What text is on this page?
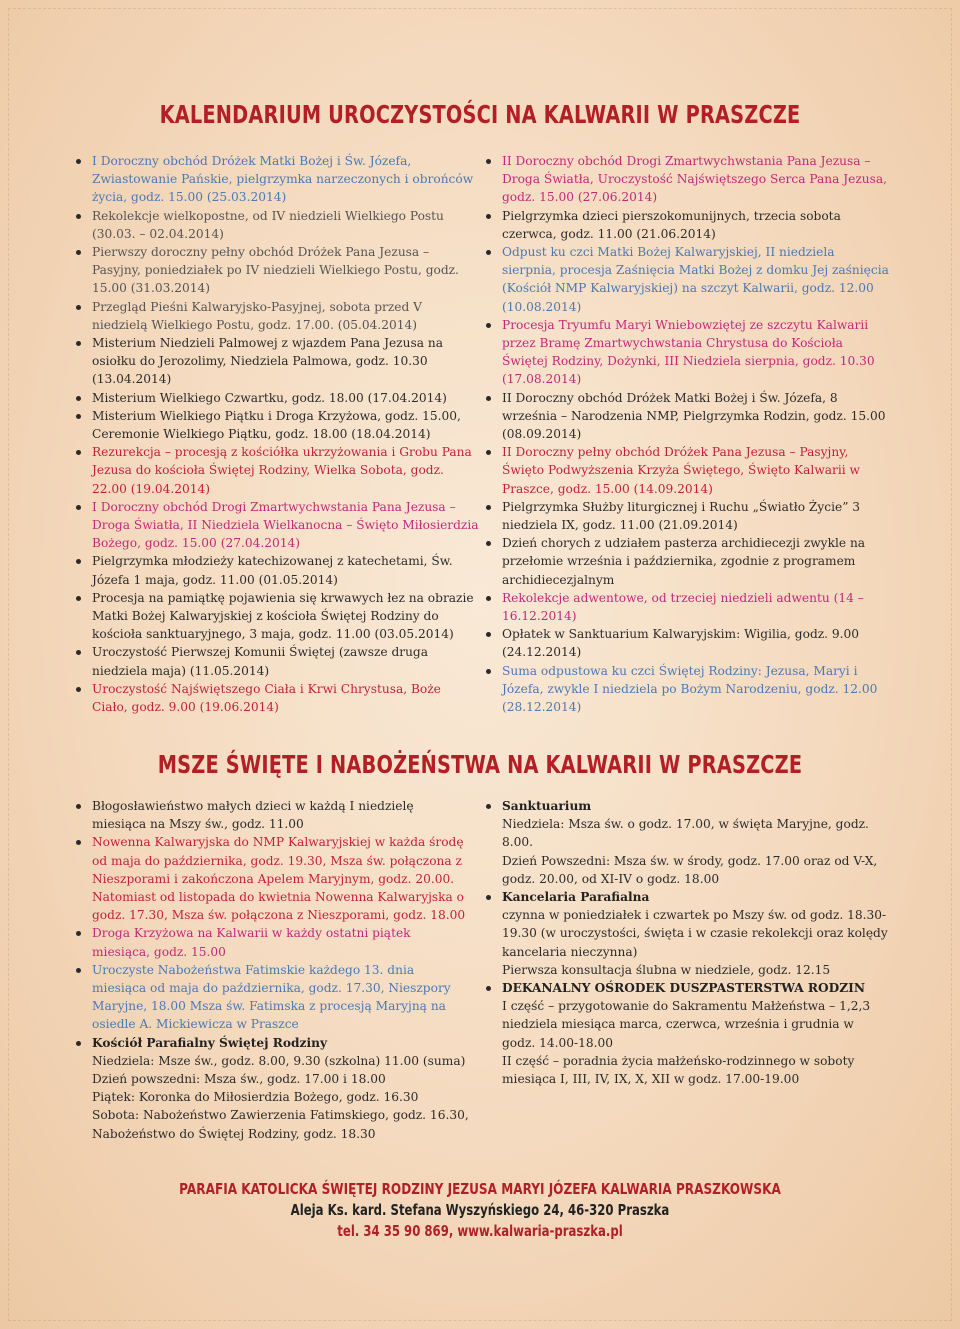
KALENDARIUM UROCZYSTOŚCI NA KALWARII W PRASZCZE
I Doroczny obchód Dróżek Matki Bożej i Św. Józefa, Zwiastowanie Pańskie, pielgrzymka narzeczonych i obrońców życia, godz. 15.00 (25.03.2014)
Rekolekcje wielkopostne, od IV niedzieli Wielkiego Postu (30.03. – 02.04.2014)
Pierwszy doroczny pełny obchód Dróżek Pana Jezusa – Pasyjny, poniedziałek po IV niedzieli Wielkiego Postu, godz. 15.00 (31.03.2014)
Przegląd Pieśni Kalwaryjsko-Pasyjnej, sobota przed V niedzielą Wielkiego Postu, godz. 17.00. (05.04.2014)
Misterium Niedzieli Palmowej z wjazdem Pana Jezusa na osiołku do Jerozolimy, Niedziela Palmowa, godz. 10.30 (13.04.2014)
Misterium Wielkiego Czwartku, godz. 18.00 (17.04.2014)
Misterium Wielkiego Piątku i Droga Krzyżowa, godz. 15.00, Ceremonie Wielkiego Piątku, godz. 18.00 (18.04.2014)
Rezurekcja – procesją z kościółka ukrzyżowania i Grobu Pana Jezusa do kościoła Świętej Rodziny, Wielka Sobota, godz. 22.00 (19.04.2014)
I Doroczny obchód Drogi Zmartwychwstania Pana Jezusa – Droga Światła, II Niedziela Wielkanocna – Święto Miłosierdzia Bożego, godz. 15.00 (27.04.2014)
Pielgrzymka młodzieży katechizowanej z katechetami, Św. Józefa 1 maja, godz. 11.00 (01.05.2014)
Procesja na pamiątkę pojawienia się krwawych łez na obrazie Matki Bożej Kalwaryjskiej z kościoła Świętej Rodziny do kościoła sanktuaryjnego, 3 maja, godz. 11.00 (03.05.2014)
Uroczystość Pierwszej Komunii Świętej (zawsze druga niedziela maja) (11.05.2014)
Uroczystość Najświętszego Ciała i Krwi Chrystusa, Boże Ciało, godz. 9.00 (19.06.2014)
II Doroczny obchód Drogi Zmartwychwstania Pana Jezusa – Droga Światła, Uroczystość Najświętszego Serca Pana Jezusa, godz. 15.00 (27.06.2014)
Pielgrzymka dzieci pierszokomunijnych, trzecia sobota czerwca, godz. 11.00 (21.06.2014)
Odpust ku czci Matki Bożej Kalwaryjskiej, II niedziela sierpnia, procesja Zaśnięcia Matki Bożej z domku Jej zaśnięcia (Kościół NMP Kalwaryjskiej) na szczyt Kalwarii, godz. 12.00 (10.08.2014)
Procesja Tryumfu Maryi Wniebowziętej ze szczytu Kalwarii przez Bramę Zmartwychwstania Chrystusa do Kościoła Świętej Rodziny, Dożynki, III Niedziela sierpnia, godz. 10.30 (17.08.2014)
II Doroczny obchód Dróżek Matki Bożej i Św. Józefa, 8 września – Narodzenia NMP, Pielgrzymka Rodzin, godz. 15.00 (08.09.2014)
II Doroczny pełny obchód Dróżek Pana Jezusa – Pasyjny, Święto Podwyższenia Krzyża Świętego, Święto Kalwarii w Praszce, godz. 15.00 (14.09.2014)
Pielgrzymka Służby liturgicznej i Ruchu „Światło Życie” 3 niedziela IX, godz. 11.00 (21.09.2014)
Dzień chorych z udziałem pasterza archidiecezji zwykle na przełomie września i października, zgodnie z programem archidiecezjalnym
Rekolekcje adwentowe, od trzeciej niedzieli adwentu (14 – 16.12.2014)
Opłatek w Sanktuarium Kalwaryjskim: Wigilia, godz. 9.00 (24.12.2014)
Suma odpustowa ku czci Świętej Rodziny: Jezusa, Maryi i Józefa, zwykle I niedziela po Bożym Narodzeniu, godz. 12.00 (28.12.2014)
MSZE ŚWIĘTE I NABOŻEŃSTWA NA KALWARII W PRASZCZE
Błogosławieństwo małych dzieci w każdą I niedzielę miesiąca na Mszy św., godz. 11.00
Nowenna Kalwaryjska do NMP Kalwaryjskiej w każda środę od maja do października, godz. 19.30, Msza św. połączona z Nieszporami i zakończona Apelem Maryjnym, godz. 20.00. Natomiast od listopada do kwietnia Nowenna Kalwaryjska o godz. 17.30, Msza św. połączona z Nieszporami, godz. 18.00
Droga Krzyżowa na Kalwarii w każdy ostatni piątek miesiąca, godz. 15.00
Uroczyste Nabożeństwa Fatimskie każdego 13. dnia miesiąca od maja do października, godz. 17.30, Nieszpory Maryjne, 18.00 Msza św. Fatimska z procesją Maryjną na osiedle A. Mickiewicza w Praszce
Kościół Parafialny Świętej Rodziny
Niedziela: Msze św., godz. 8.00, 9.30 (szkolna) 11.00 (suma)
Dzień powszedni: Msza św., godz. 17.00 i 18.00
Piątek: Koronka do Miłosierdzia Bożego, godz. 16.30
Sobota: Nabożeństwo Zawierzenia Fatimskiego, godz. 16.30, Nabożeństwo do Świętej Rodziny, godz. 18.30
Sanktuarium
Niedziela: Msza św. o godz. 17.00, w święta Maryjne, godz. 8.00.
Dzień Powszedni: Msza św. w środy, godz. 17.00 oraz od V-X, godz. 20.00, od XI-IV o godz. 18.00
Kancelaria Parafialna
czynna w poniedziałek i czwartek po Mszy św. od godz. 18.30-19.30 (w uroczystości, święta i w czasie rekolekcji oraz kolędy kancelaria nieczynna)
Pierwsza konsultacja ślubna w niedziele, godz. 12.15
DEKANALNY OŚRODEK DUSZPASTERSTWA RODZIN
I część – przygotowanie do Sakramentu Małżeństwa – 1,2,3 niedziela miesiąca marca, czerwca, września i grudnia w godz. 14.00-18.00
II część – poradnia życia małżeńsko-rodzinnego w soboty miesiąca I, III, IV, IX, X, XII w godz. 17.00-19.00
PARAFIA KATOLICKA ŚWIĘTEJ RODZINY JEZUSA MARYI JÓZEFA KALWARIA PRASZKOWSKA
Aleja Ks. kard. Stefana Wyszyńskiego 24, 46-320 Praszka
tel. 34 35 90 869, www.kalwaria-praszka.pl
